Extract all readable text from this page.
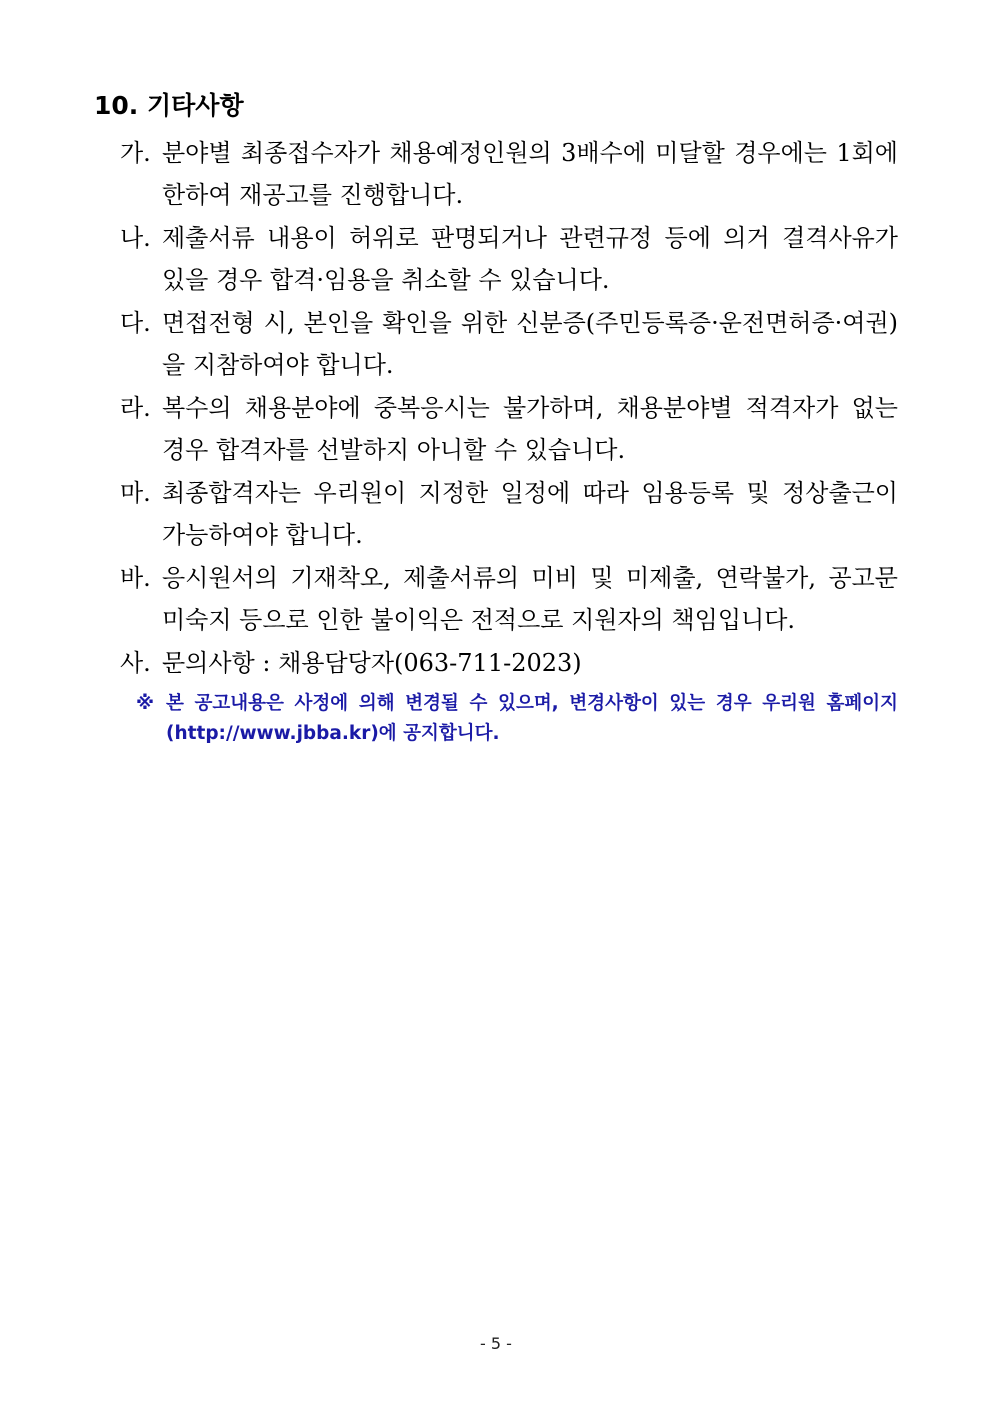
10. 기타사항
가. 분야별 최종접수자가 채용예정인원의 3배수에 미달할 경우에는 1회에 한하여 재공고를 진행합니다.
나. 제출서류 내용이 허위로 판명되거나 관련규정 등에 의거 결격사유가 있을 경우 합격·임용을 취소할 수 있습니다.
다. 면접전형 시, 본인을 확인을 위한 신분증(주민등록증·운전면허증·여권)을 지참하여야 합니다.
라. 복수의 채용분야에 중복응시는 불가하며, 채용분야별 적격자가 없는 경우 합격자를 선발하지 아니할 수 있습니다.
마. 최종합격자는 우리원이 지정한 일정에 따라 임용등록 및 정상출근이 가능하여야 합니다.
바. 응시원서의 기재착오, 제출서류의 미비 및 미제출, 연락불가, 공고문 미숙지 등으로 인한 불이익은 전적으로 지원자의 책임입니다.
사. 문의사항 : 채용담당자(063-711-2023)
※ 본 공고내용은 사정에 의해 변경될 수 있으며, 변경사항이 있는 경우 우리원 홈페이지(http://www.jbba.kr)에 공지합니다.
- 5 -
